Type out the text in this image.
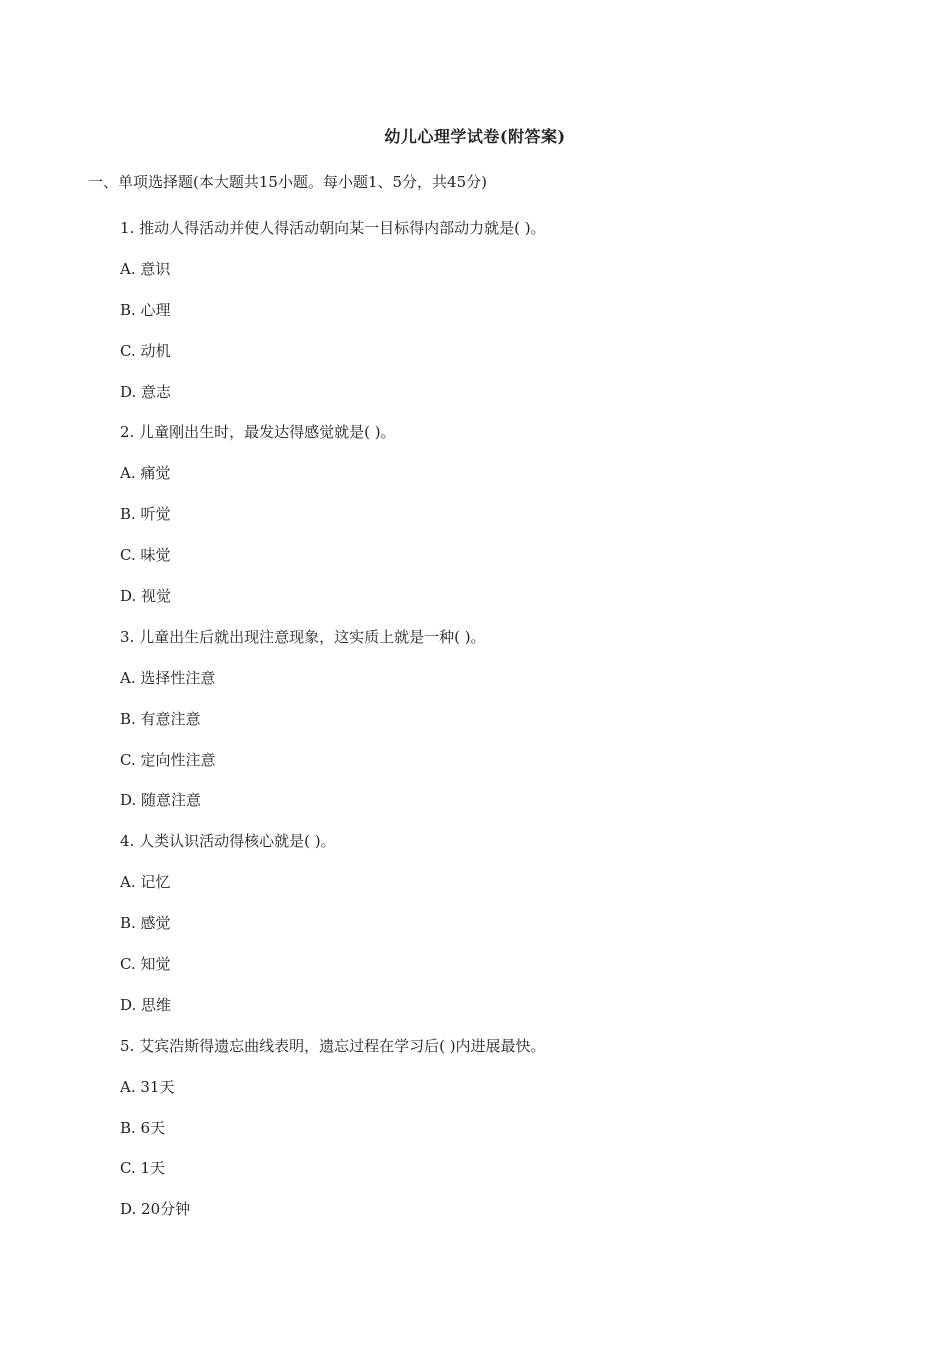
幼儿心理学试卷(附答案)
一、单项选择题(本大题共15小题。每小题1、5分，共45分)
1. 推动人得活动并使人得活动朝向某一目标得内部动力就是( )。
A. 意识
B. 心理
C. 动机
D. 意志
2. 儿童刚出生时，最发达得感觉就是( )。
A. 痛觉
B. 听觉
C. 味觉
D. 视觉
3. 儿童出生后就出现注意现象，这实质上就是一种( )。
A. 选择性注意
B. 有意注意
C. 定向性注意
D. 随意注意
4. 人类认识活动得核心就是( )。
A. 记忆
B. 感觉
C. 知觉
D. 思维
5. 艾宾浩斯得遗忘曲线表明，遗忘过程在学习后( )内进展最快。
A. 31天
B. 6天
C. 1天
D. 20分钟
